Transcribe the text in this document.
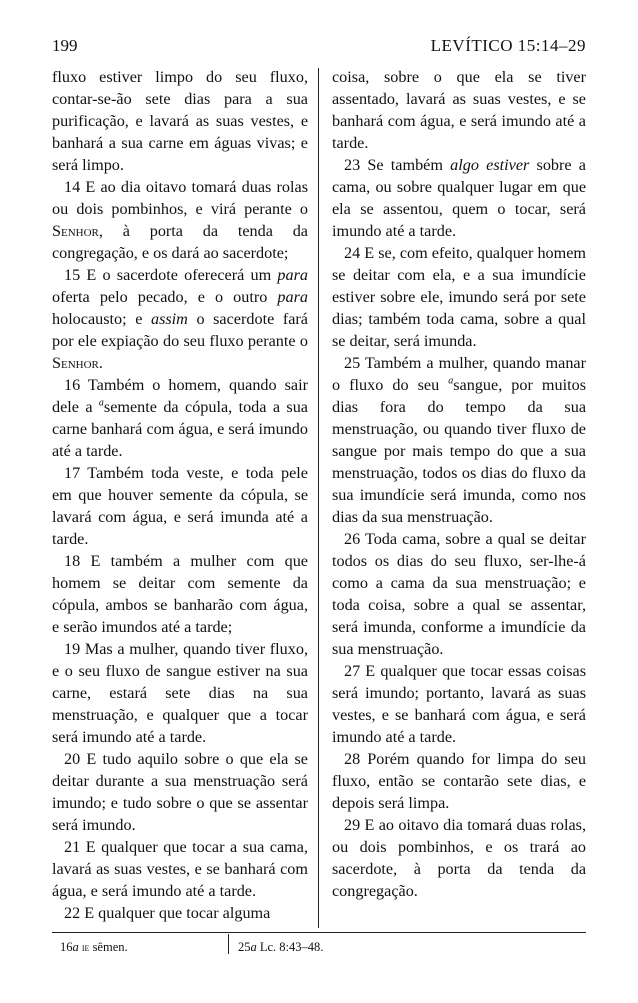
199	LEVÍTICO 15:14–29

fluxo estiver limpo do seu fluxo, contar-se-ão sete dias para a sua purificação, e lavará as suas vestes, e banhará a sua carne em águas vivas; e será limpo.

14 E ao dia oitavo tomará duas rolas ou dois pombinhos, e virá perante o Senhor, à porta da tenda da congregação, e os dará ao sacerdote;

15 E o sacerdote oferecerá um para oferta pelo pecado, e o outro para holocausto; e assim o sacerdote fará por ele expiação do seu fluxo perante o Senhor.

16 Também o homem, quando sair dele a $^a$semente da cópula, toda a sua carne banhará com água, e será imundo até a tarde.

17 Também toda veste, e toda pele em que houver semente da cópula, se lavará com água, e será imunda até a tarde.

18 E também a mulher com que homem se deitar com semente da cópula, ambos se banharão com água, e serão imundos até a tarde;

19 Mas a mulher, quando tiver fluxo, e o seu fluxo de sangue estiver na sua carne, estará sete dias na sua menstruação, e qualquer que a tocar será imundo até a tarde.

20 E tudo aquilo sobre o que ela se deitar durante a sua menstruação será imundo; e tudo sobre o que se assentar será imundo.

21 E qualquer que tocar a sua cama, lavará as suas vestes, e se banhará com água, e será imundo até a tarde.

22 E qualquer que tocar alguma

coisa, sobre o que ela se tiver assentado, lavará as suas vestes, e se banhará com água, e será imundo até a tarde.

23 Se também algo estiver sobre a cama, ou sobre qualquer lugar em que ela se assentou, quem o tocar, será imundo até a tarde.

24 E se, com efeito, qualquer homem se deitar com ela, e a sua imundície estiver sobre ele, imundo será por sete dias; também toda cama, sobre a qual se deitar, será imunda.

25 Também a mulher, quando manar o fluxo do seu $^a$sangue, por muitos dias fora do tempo da sua menstruação, ou quando tiver fluxo de sangue por mais tempo do que a sua menstruação, todos os dias do fluxo da sua imundície será imunda, como nos dias da sua menstruação.

26 Toda cama, sobre a qual se deitar todos os dias do seu fluxo, ser-lhe-á como a cama da sua menstruação; e toda coisa, sobre a qual se assentar, será imunda, conforme a imundície da sua menstruação.

27 E qualquer que tocar essas coisas será imundo; portanto, lavará as suas vestes, e se banhará com água, e será imundo até a tarde.

28 Porém quando for limpa do seu fluxo, então se contarão sete dias, e depois será limpa.

29 E ao oitavo dia tomará duas rolas, ou dois pombinhos, e os trará ao sacerdote, à porta da tenda da congregação.

16a ie sêmen.	25a Lc. 8:43–48.
